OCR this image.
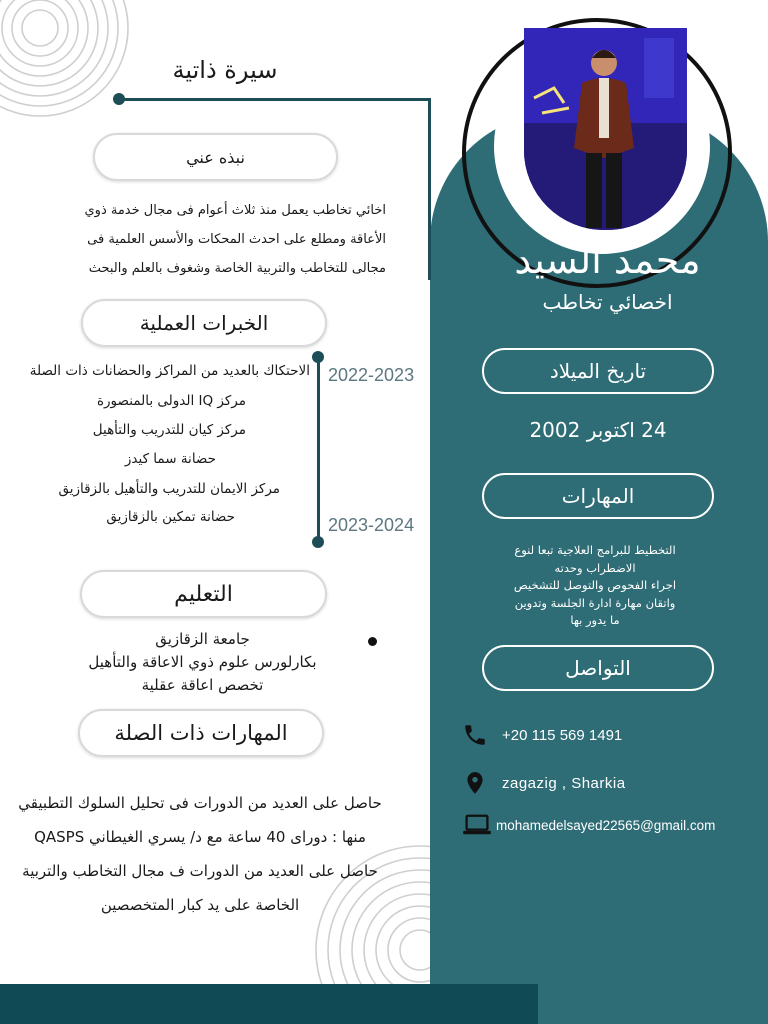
سيرة ذاتية
نبذه عني
اخائي تخاطب يعمل منذ ثلاث أعوام فى مجال خدمة ذوي
الأعاقة ومطلع على احدث المحكات والأسس العلمية فى
مجالى للتخاطب والتربية الخاصة وشغوف بالعلم والبحث
الخبرات العملية
2022-2023
2023-2024
الاحتكاك بالعديد من المراكز والحضانات ذات الصلة
مركز IQ الدولى بالمنصورة
مركز كيان للتدريب والتأهيل
حضانة سما كيدز
مركز الايمان للتدريب والتأهيل بالزقازيق
حضانة تمكين بالزقازيق
التعليم
جامعة الزقازيق
بكارلورس علوم ذوي الاعاقة والتأهيل
تخصص اعاقة عقلية
المهارات ذات الصلة
حاصل على العديد من الدورات فى تحليل السلوك التطبيقي
منها : دوراى 40 ساعة مع د/ يسري الغيطاني QASPS
حاصل على العديد من الدورات ف مجال التخاطب والتربية
الخاصة على يد كبار المتخصصين
محمد السيد
اخصائي تخاطب
تاريخ الميلاد
24 اكتوبر 2002
المهارات
التخطيط للبرامج العلاجية تبعا لنوع
الاضطراب وحدته
اجراء الفحوص والتوصل للتشخيص
واتقان مهارة ادارة الجلسة وتدوين
ما يدور بها
التواصل
+20 115 569 1491
zagazig , Sharkia
mohamedelsayed22565@gmail.com
